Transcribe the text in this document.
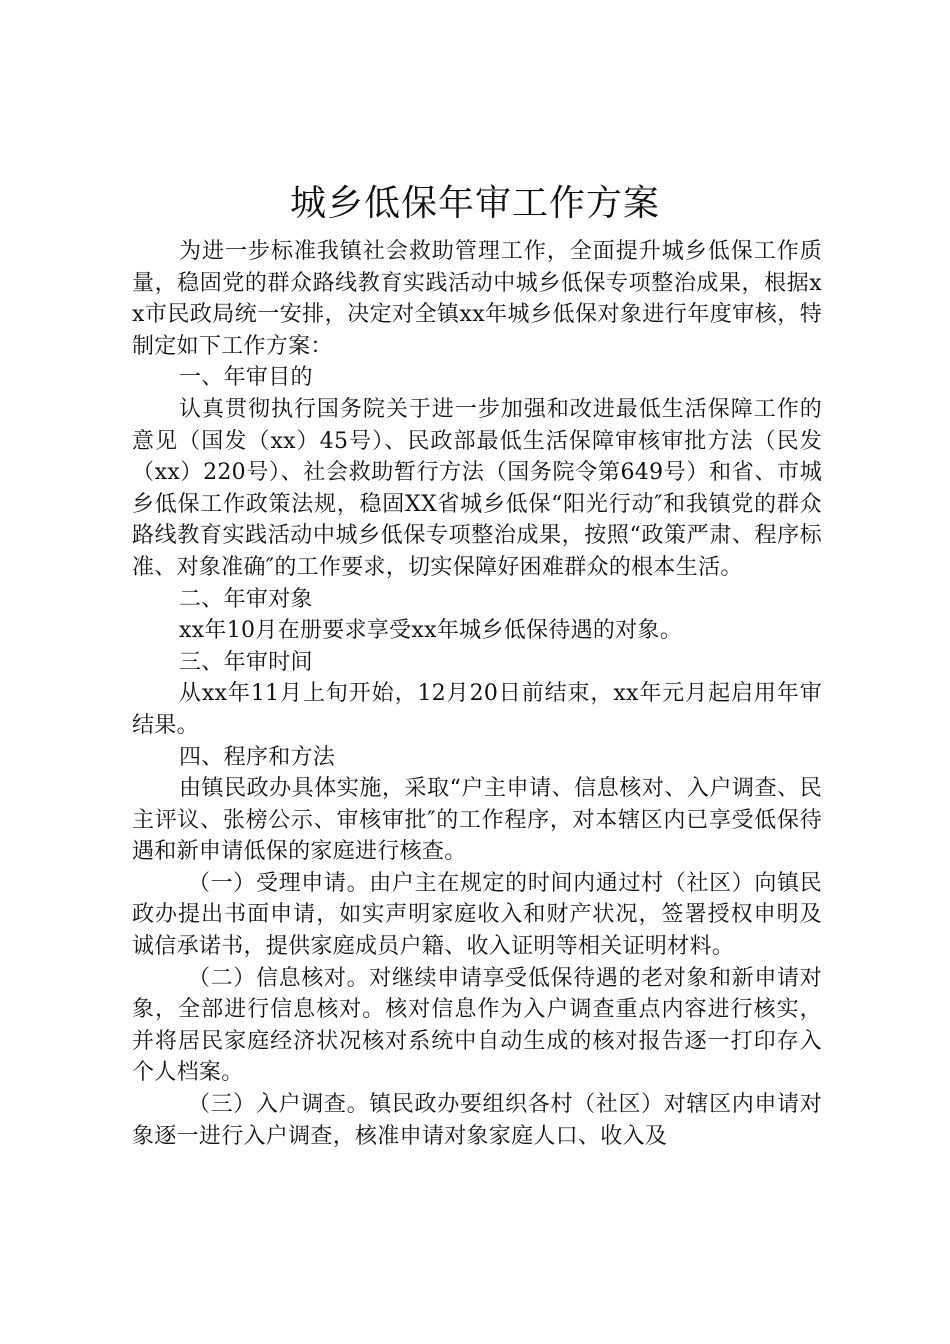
城乡低保年审工作方案

为进一步标准我镇社会救助管理工作，全面提升城乡低保工作质量，稳固党的群众路线教育实践活动中城乡低保专项整治成果，根据xx市民政局统一安排，决定对全镇xx年城乡低保对象进行年度审核，特制定如下工作方案：

一、年审目的

认真贯彻执行国务院关于进一步加强和改进最低生活保障工作的意见（国发（xx）45号）、民政部最低生活保障审核审批方法（民发（xx）220号）、社会救助暂行方法（国务院令第649号）和省、市城乡低保工作政策法规，稳固XX省城乡低保“阳光行动″和我镇党的群众路线教育实践活动中城乡低保专项整治成果，按照“政策严肃、程序标准、对象准确″的工作要求，切实保障好困难群众的根本生活。

二、年审对象

xx年10月在册要求享受xx年城乡低保待遇的对象。

三、年审时间

从xx年11月上旬开始，12月20日前结束，xx年元月起启用年审结果。

四、程序和方法

由镇民政办具体实施，采取“户主申请、信息核对、入户调查、民主评议、张榜公示、审核审批″的工作程序，对本辖区内已享受低保待遇和新申请低保的家庭进行核查。

（一）受理申请。由户主在规定的时间内通过村（社区）向镇民政办提出书面申请，如实声明家庭收入和财产状况，签署授权申明及诚信承诺书，提供家庭成员户籍、收入证明等相关证明材料。

（二）信息核对。对继续申请享受低保待遇的老对象和新申请对象，全部进行信息核对。核对信息作为入户调查重点内容进行核实，并将居民家庭经济状况核对系统中自动生成的核对报告逐一打印存入个人档案。

（三）入户调查。镇民政办要组织各村（社区）对辖区内申请对象逐一进行入户调查，核准申请对象家庭人口、收入及
